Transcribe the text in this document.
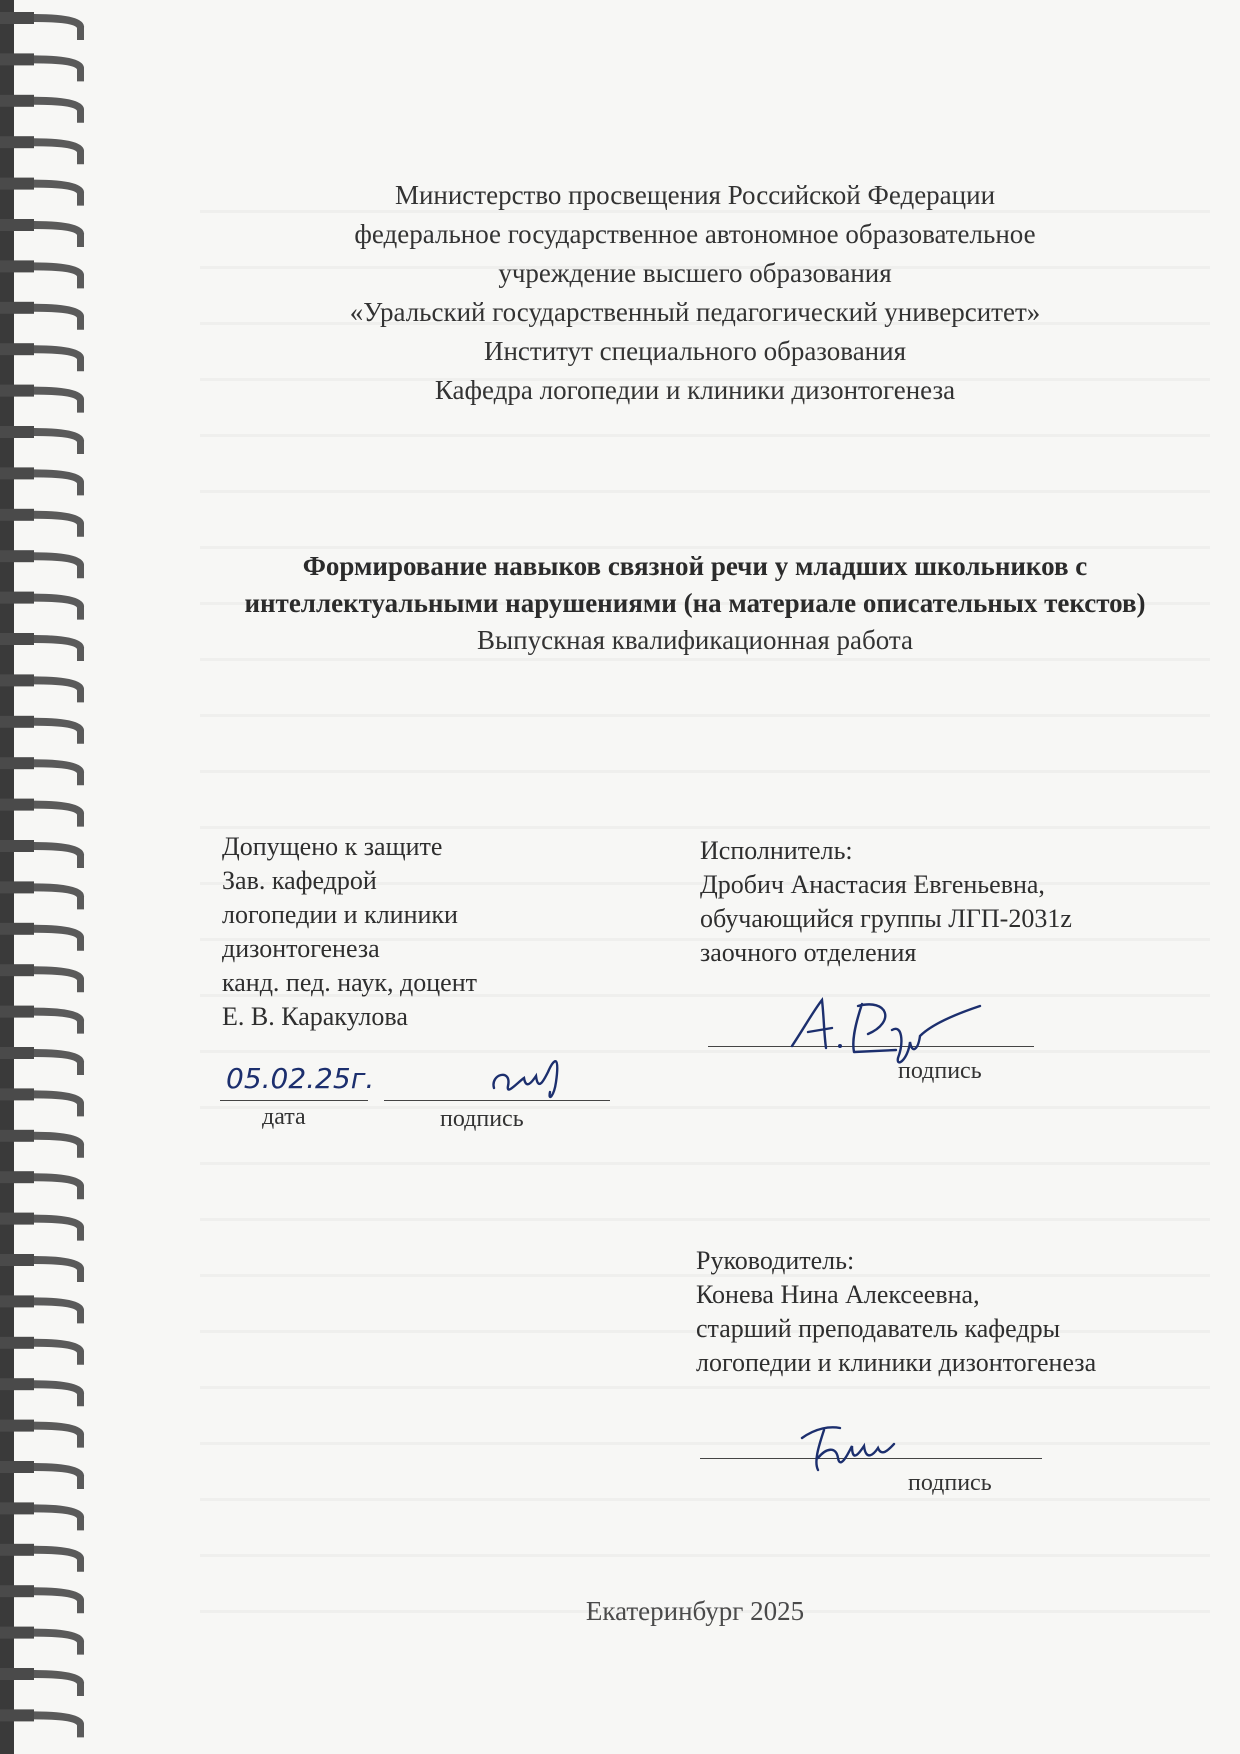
Министерство просвещения Российской Федерации
федеральное государственное автономное образовательное
учреждение высшего образования
«Уральский государственный педагогический университет»
Институт специального образования
Кафедра логопедии и клиники дизонтогенеза
Формирование навыков связной речи у младших школьников с интеллектуальными нарушениями (на материале описательных текстов)
Выпускная квалификационная работа
Допущено к защите
Зав. кафедрой
логопедии и клиники
дизонтогенеза
канд. пед. наук, доцент
Е. В. Каракулова
05.02.25г.
дата	подпись
Исполнитель:
Дробич Анастасия Евгеньевна,
обучающийся группы ЛГП-2031z
заочного отделения
подпись
Руководитель:
Конева Нина Алексеевна,
старший преподаватель кафедры
логопедии и клиники дизонтогенеза
подпись
Екатеринбург 2025
